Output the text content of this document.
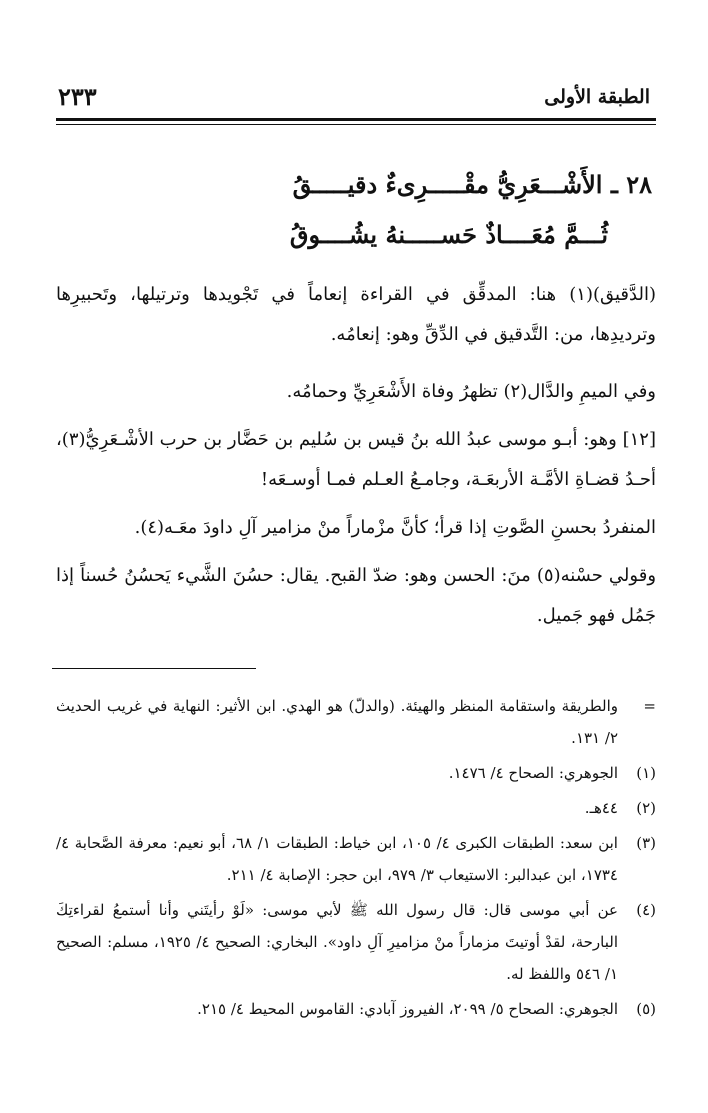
الطبقة الأولى
٢٣٣
٢٨ ـ الأَشْـــعَرِيُّ مقْـــــرِىءٌ دقيـــــقُ
ثُـــمَّ مُعَــــاذٌ حَســـــنهُ يشُــــوقُ

(الدَّقيق)(١) هنا: المدقِّق في القراءة إنعاماً في تَجْويدها وترتيلها، وتَحبيرِها وترديدِها، من: التَّدقيق في الدِّقِّ وهو: إنعامُه.

وفي الميمِ والدَّال(٢) تظهرُ وفاة الأَشْعَرِيِّ وحمامُه.

[١٢] وهو: أبـو موسى عبدُ الله بنُ قيس بن سُليم بن حَضَّار بن حرب الأشْـعَرِيُّ(٣)، أحـدُ قضـاةِ الأمَّـة الأربعَـة، وجامـعُ العـلم فمـا أوسـعَه!

المنفردُ بحسنِ الصَّوتِ إذا قرأ؛ كأنَّ مزْماراً منْ مزامير آلِ داودَ معَـه(٤).

وقولي حسْنه(٥) منَ: الحسن وهو: ضدّ القبح. يقال: حسُنَ الشَّيء يَحسُنُ حُسناً إذا جَمُل فهو جَميل.

=
والطريقة واستقامة المنظر والهيئة. (والدلّ) هو الهدي. ابن الأثير: النهاية في غريب الحديث ٢/ ١٣١.
(١)
الجوهري: الصحاح ٤/ ١٤٧٦.
(٢)
٤٤هـ.
(٣)
ابن سعد: الطبقات الكبرى ٤/ ١٠٥، ابن خياط: الطبقات ١/ ٦٨، أبو نعيم: معرفة الصَّحابة ٤/ ١٧٣٤، ابن عبدالبر: الاستيعاب ٣/ ٩٧٩، ابن حجر: الإصابة ٤/ ٢١١.
(٤)
عن أبي موسى قال: قال رسول الله ﷺ لأبي موسى: «لَوْ رأيتَني وأنا أستمعُ لقراءتِكَ البارحة، لقدْ أوتيتَ مزماراً منْ مزاميرِ آلِ داود». البخاري: الصحيح ٤/ ١٩٢٥، مسلم: الصحيح ١/ ٥٤٦ واللفظ له.
(٥)
الجوهري: الصحاح ٥/ ٢٠٩٩، الفيروز آبادي: القاموس المحيط ٤/ ٢١٥.
